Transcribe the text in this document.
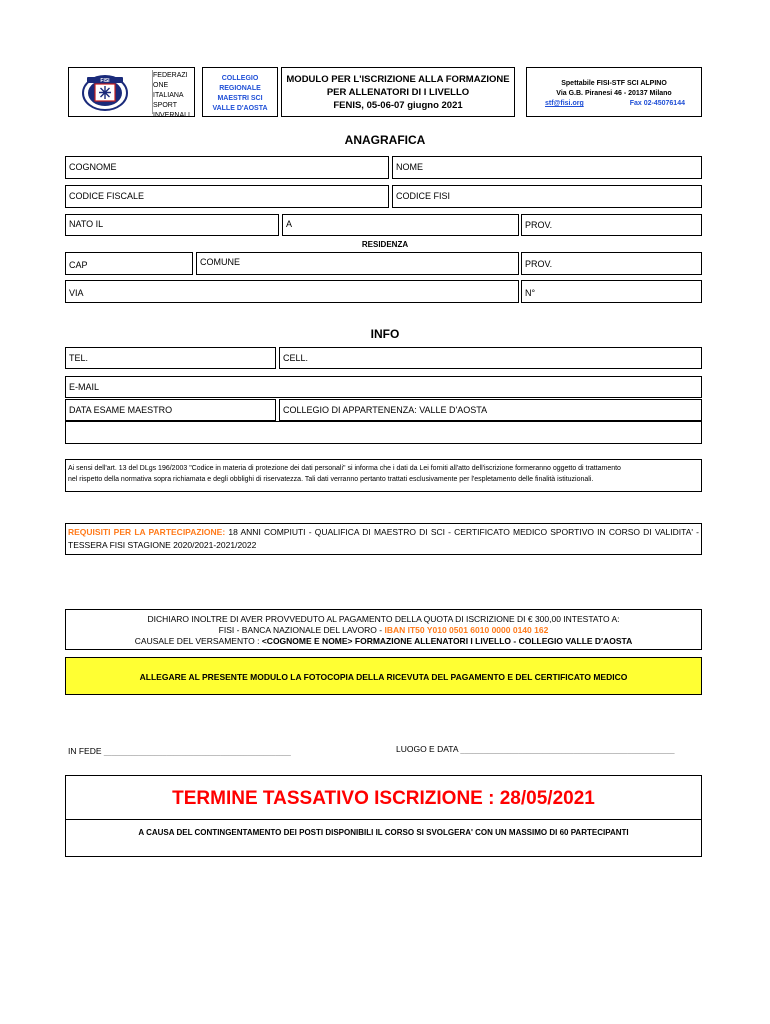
FISI
FEDERAZI
ONE
ITALIANA
SPORT
INVERNALI
COLLEGIO
REGIONALE
MAESTRI SCI
VALLE D'AOSTA
MODULO PER L'ISCRIZIONE ALLA FORMAZIONE
PER ALLENATORI DI I LIVELLO
FENIS, 05-06-07 giugno 2021
Spettabile FISI-STF SCI ALPINO
Via G.B. Piranesi 46 - 20137 Milano
stf@fisi.org	Fax 02-45076144
ANAGRAFICA
COGNOME	NOME
CODICE FISCALE	CODICE FISI
NATO IL	A	PROV.
RESIDENZA
CAP	COMUNE	PROV.
VIA	N°
INFO
TEL.	CELL.
E-MAIL
DATA ESAME MAESTRO	COLLEGIO DI APPARTENENZA: VALLE D'AOSTA
Ai sensi dell'art. 13 del DLgs 196/2003 "Codice in materia di protezione dei dati personali" si informa che i dati da Lei forniti all'atto dell'iscrizione formeranno oggetto di trattamento
nel rispetto della normativa sopra richiamata e degli obblighi di riservatezza. Tali dati verranno pertanto trattati esclusivamente per l'espletamento delle finalità istituzionali.
REQUISITI PER LA PARTECIPAZIONE: 18 ANNI COMPIUTI - QUALIFICA DI MAESTRO DI SCI - CERTIFICATO MEDICO SPORTIVO IN CORSO DI VALIDITA' - TESSERA FISI STAGIONE 2020/2021-2021/2022
DICHIARO INOLTRE DI AVER PROVVEDUTO AL PAGAMENTO DELLA QUOTA DI ISCRIZIONE DI € 300,00 INTESTATO A:
FISI - BANCA NAZIONALE DEL LAVORO - IBAN IT50 Y010 0501 6010 0000 0140 162
CAUSALE DEL VERSAMENTO : <COGNOME E NOME> FORMAZIONE ALLENATORI I LIVELLO - COLLEGIO VALLE D'AOSTA
ALLEGARE AL PRESENTE MODULO LA FOTOCOPIA DELLA RICEVUTA DEL PAGAMENTO E DEL CERTIFICATO MEDICO
IN FEDE ________________________________________________	LUOGO E DATA _______________________________________________________
TERMINE TASSATIVO ISCRIZIONE : 28/05/2021
A CAUSA DEL CONTINGENTAMENTO DEI POSTI DISPONIBILI IL CORSO SI SVOLGERA' CON UN MASSIMO DI 60 PARTECIPANTI
